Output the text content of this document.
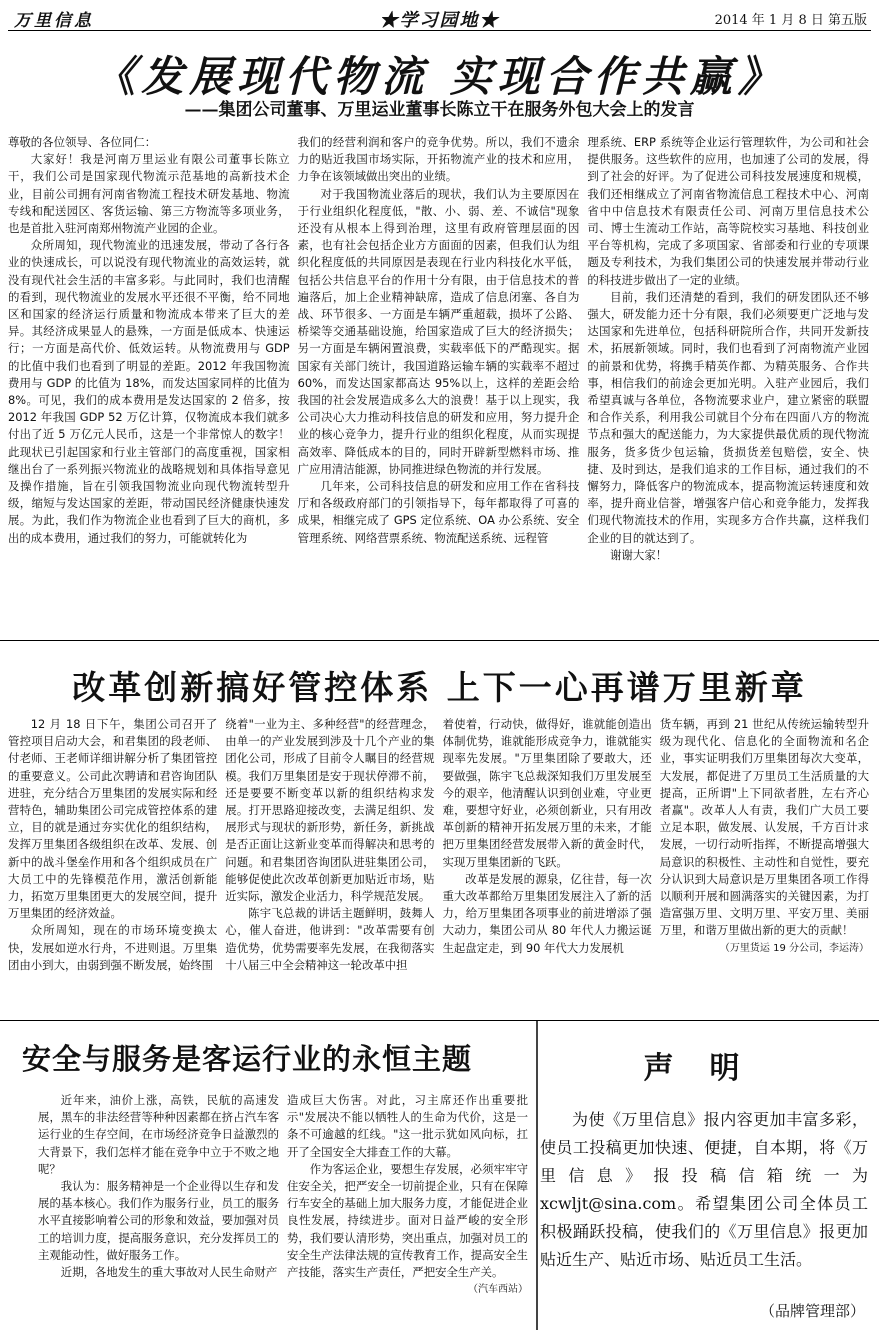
万里信息	★学习园地★	2014 年 1 月 8 日 第五版
《发展现代物流 实现合作共赢》
——集团公司董事、万里运业董事长陈立干在服务外包大会上的发言

尊敬的各位领导、各位同仁：

大家好！我是河南万里运业有限公司董事长陈立干，我们公司是国家现代物流示范基地的高新技术企业，目前公司拥有河南省物流工程技术研发基地、物流专线和配送园区、客货运输、第三方物流等多项业务，也是首批入驻河南郑州物流产业园的企业。

众所周知，现代物流业的迅速发展，带动了各行各业的快速成长，可以说没有现代物流业的高效运转，就没有现代社会生活的丰富多彩。与此同时，我们也清醒的看到，现代物流业的发展水平还很不平衡，给不同地区和国家的经济运行质量和物流成本带来了巨大的差异。其经济成果显人的悬殊，一方面是低成本、快速运行；一方面是高代价、低效运转。从物流费用与 GDP 的比值中我们也看到了明显的差距。2012 年我国物流费用与 GDP 的比值为 18%，而发达国家同样的比值为 8%。可见，我们的成本费用是发达国家的 2 倍多，按 2012 年我国 GDP 52 万亿计算，仅物流成本我们就多付出了近 5 万亿元人民币，这是一个非常惊人的数字！此现状已引起国家和行业主管部门的高度重视，国家相继出台了一系列振兴物流业的战略规划和具体指导意见及操作措施，旨在引领我国物流业向现代物流转型升级，缩短与发达国家的差距，带动国民经济健康快速发展。为此，我们作为物流企业也看到了巨大的商机，多出的成本费用，通过我们的努力，可能就转化为

我们的经营利润和客户的竞争优势。所以，我们不遗余力的贴近我国市场实际，开拓物流产业的技术和应用，力争在该领域做出突出的业绩。

对于我国物流业落后的现状，我们认为主要原因在于行业组织化程度低，"散、小、弱、差、不诚信"现象还没有从根本上得到治理，这里有政府管理层面的因素，也有社会包括企业方方面面的因素，但我们认为组织化程度低的共同原因是表现在行业内科技化水平低，包括公共信息平台的作用十分有限，由于信息技术的普遍落后，加上企业精神缺席，造成了信息闭塞、各自为战、环节很多、一方面是车辆严重超载，损坏了公路、桥梁等交通基础设施，给国家造成了巨大的经济损失；另一方面是车辆闲置浪费，实载率低下的严酷现实。据国家有关部门统计，我国道路运输车辆的实载率不超过 60%，而发达国家都高达 95%以上，这样的差距会给我国的社会发展造成多么大的浪费！基于以上现实，我公司决心大力推动科技信息的研发和应用，努力提升企业的核心竞争力，提升行业的组织化程度，从而实现提高效率、降低成本的目的，同时开辟新型燃料市场、推广应用清洁能源，协同推进绿色物流的并行发展。

几年来，公司科技信息的研发和应用工作在省科技厅和各级政府部门的引领指导下，每年都取得了可喜的成果，相继完成了 GPS 定位系统、OA 办公系统、安全管理系统、网络营票系统、物流配送系统、远程管

理系统、ERP 系统等企业运行管理软件，为公司和社会提供服务。这些软件的应用，也加速了公司的发展，得到了社会的好评。为了促进公司科技发展速度和规模，我们还相继成立了河南省物流信息工程技术中心、河南省中中信息技术有限责任公司、河南万里信息技术公司、博士生流动工作站，高等院校实习基地、科技创业平台等机构，完成了多项国家、省部委和行业的专项课题及专利技术，为我们集团公司的快速发展并带动行业的科技进步做出了一定的业绩。

目前，我们还清楚的看到，我们的研发团队还不够强大，研发能力还十分有限，我们必须要更广泛地与发达国家和先进单位，包括科研院所合作，共同开发新技术，拓展新领域。同时，我们也看到了河南物流产业园的前景和优势，将携手精英作都、为精英服务、合作共事，相信我们的前途会更加光明。入驻产业园后，我们希望真诚与各单位，各物流要求业户，建立紧密的联盟和合作关系，利用我公司就目个分布在四面八方的物流节点和强大的配送能力，为大家提供最优质的现代物流服务，货多货少包运输，货损货差包赔偿，安全、快捷、及时到达，是我们追求的工作目标，通过我们的不懈努力，降低客户的物流成本，提高物流运转速度和效率，提升商业信誉，增强客户信心和竞争能力，发挥我们现代物流技术的作用，实现多方合作共赢，这样我们企业的目的就达到了。

谢谢大家！

改革创新搞好管控体系 上下一心再谱万里新章

12 月 18 日下午，集团公司召开了管控项目启动大会，和君集团的段老师、付老师、王老师详细讲解分析了集团管控的重要意义。公司此次聘请和君咨询团队进驻，充分结合万里集团的发展实际和经营特色，辅助集团公司完成管控体系的建立，目的就是通过夯实优化的组织结构，发挥万里集团各级组织在改革、发展、创新中的战斗堡垒作用和各个组织成员在广大员工中的先锋模范作用，激活创新能力，拓宽万里集团更大的发展空间，提升万里集团的经济效益。

众所周知，现在的市场环境变换太快，发展如逆水行舟，不进则退。万里集团由小到大，由弱到强不断发展，始终围

绕着"一业为主、多种经营"的经营理念，由单一的产业发展到涉及十几个产业的集团化公司，形成了目前令人瞩目的经营规模。我们万里集团是安于现状停滞不前，还是要要不断变革以新的组织结构求发展。打开思路迎接改变，去满足组织、发展形式与现状的新形势，新任务，新挑战是否正面让这新业变革而得解决和思考的问题。和君集团咨询团队进驻集团公司，能够促使此次改革创新更加贴近市场，贴近实际，激发企业活力，科学规范发展。

陈宇飞总裁的讲话主题鲜明，鼓舞人心，催人奋进，他讲到："改革需要有创造优势，优势需要率先发展，在我彻落实十八届三中全会精神这一轮改革中担

着使着，行动快，做得好，谁就能创造出体制优势，谁就能形成竞争力，谁就能实现率先发展。"万里集团除了要敢大，还要做强，陈宇飞总裁深知我们万里发展至今的艰辛，他清醒认识到创业难，守业更难，要想守好业，必须创新业，只有用改革创新的精神开拓发展万里的未来，才能把万里集团经营发展带入新的黄金时代，实现万里集团新的飞跃。

改革是发展的源泉，亿往昔，每一次重大改革都给万里集团发展注入了新的活力，给万里集团各项事业的前进增添了强大动力，集团公司从 80 年代人力搬运诞生起盘定走，到 90 年代大力发展机

货车辆，再到 21 世纪从传统运输转型升级为现代化、信息化的全面物流和名企业，事实证明我们万里集团每次大变革，大发展，都促进了万里员工生活质量的大提高，正所谓"上下同欲者胜，左右齐心者赢"。改革人人有责，我们广大员工要立足本职，做发展、认发展，千方百计求发展，一切行动听指挥，不断提高增强大局意识的积极性、主动性和自觉性，要充分认识到大局意识是万里集团各项工作得以顺利开展和圆满落实的关键因素，为打造富强万里、文明万里、平安万里、美丽万里，和谐万里做出新的更大的贡献！

（万里货运 19 分公司，李运涛）

安全与服务是客运行业的永恒主题

近年来，油价上涨，高铁，民航的高速发展，黑车的非法经营等种种因素都在挤占汽车客运行业的生存空间，在市场经济竞争日益激烈的大背景下，我们怎样才能在竞争中立于不败之地呢？

我认为：服务精神是一个企业得以生存和发展的基本核心。我们作为服务行业，员工的服务水平直接影响着公司的形象和效益，要加强对员工的培训力度，提高服务意识，充分发挥员工的主观能动性，做好服务工作。

近期，各地发生的重大事故对人民生命财产

造成巨大伤害。对此，习主席还作出重要批示"发展决不能以牺牲人的生命为代价，这是一条不可逾越的红线。"这一批示犹如风向标，扛开了全国安全大排查工作的大幕。

作为客运企业，要想生存发展，必须牢牢守住安全关，把严安全一切前提企业，只有在保障行车安全的基础上加大服务力度，才能促进企业良性发展，持续进步。面对日益严峻的安全形势，我们要认清形势，突出重点，加强对员工的安全生产法律法规的宣传教育工作，提高安全生产技能，落实生产责任，严把安全生产关。

（汽车西站）

声明
为使《万里信息》报内容更加丰富多彩，使员工投稿更加快速、便捷，自本期，将《万里信息》报投稿信箱统一为 xcwljt@sina.com。希望集团公司全体员工积极踊跃投稿，使我们的《万里信息》报更加贴近生产、贴近市场、贴近员工生活。
（品牌管理部）
